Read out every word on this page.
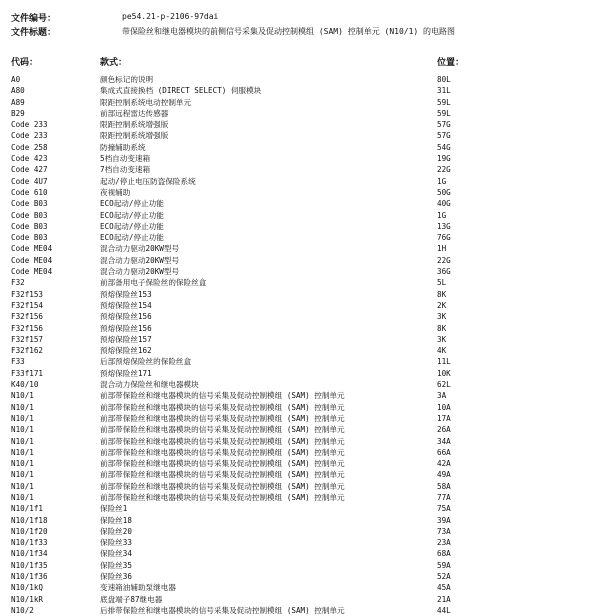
文件编号：	pe54.21-p-2106-97dai
文件标题：	带保险丝和继电器模块的前侧信号采集及促动控制模组 (SAM) 控制单元 (N10/1) 的电路图
代码：	款式：	位置：
A0	颜色标记的说明	80L
A80	集成式直接换档 (DIRECT SELECT) 伺服模块	31L
A89	限距控制系统电动控制单元	59L
B29	前部远程雷达传感器	59L
Code 233	限距控制系统增强版	57G
Code 233	限距控制系统增强版	57G
Code 258	防撞辅助系统	54G
Code 423	5档自动变速箱	19G
Code 427	7档自动变速箱	22G
Code 4U7	起动/停止电压防盗保险系统	1G
Code 610	夜视辅助	50G
Code B03	ECO起动/停止功能	40G
Code B03	ECO起动/停止功能	1G
Code B03	ECO起动/停止功能	13G
Code B03	ECO起动/停止功能	76G
Code ME04	混合动力驱动20KW型号	1H
Code ME04	混合动力驱动20KW型号	22G
Code ME04	混合动力驱动20KW型号	36G
F32	前部备用电子保险丝的保险丝盒	5L
F32f153	预熔保险丝153	8K
F32f154	预熔保险丝154	2K
F32f156	预熔保险丝156	3K
F32f156	预熔保险丝156	8K
F32f157	预熔保险丝157	3K
F32f162	预熔保险丝162	4K
F33	后部预熔保险丝的保险丝盒	11L
F33f171	预熔保险丝171	10K
K40/10	混合动力保险丝和继电器模块	62L
N10/1	前部带保险丝和继电器模块的信号采集及促动控制模组 (SAM) 控制单元	3A
N10/1	前部带保险丝和继电器模块的信号采集及促动控制模组 (SAM) 控制单元	10A
N10/1	前部带保险丝和继电器模块的信号采集及促动控制模组 (SAM) 控制单元	17A
N10/1	前部带保险丝和继电器模块的信号采集及促动控制模组 (SAM) 控制单元	26A
N10/1	前部带保险丝和继电器模块的信号采集及促动控制模组 (SAM) 控制单元	34A
N10/1	前部带保险丝和继电器模块的信号采集及促动控制模组 (SAM) 控制单元	66A
N10/1	前部带保险丝和继电器模块的信号采集及促动控制模组 (SAM) 控制单元	42A
N10/1	前部带保险丝和继电器模块的信号采集及促动控制模组 (SAM) 控制单元	49A
N10/1	前部带保险丝和继电器模块的信号采集及促动控制模组 (SAM) 控制单元	58A
N10/1	前部带保险丝和继电器模块的信号采集及促动控制模组 (SAM) 控制单元	77A
N10/1f1	保险丝1	75A
N10/1f18	保险丝18	39A
N10/1f20	保险丝20	73A
N10/1f33	保险丝33	23A
N10/1f34	保险丝34	68A
N10/1f35	保险丝35	59A
N10/1f36	保险丝36	52A
N10/1kQ	变速箱油辅助泵继电器	45A
N10/1kR	底盘端子87继电器	21A
N10/2	后排带保险丝和继电器模块的信号采集及促动控制模组 (SAM) 控制单元	44L
